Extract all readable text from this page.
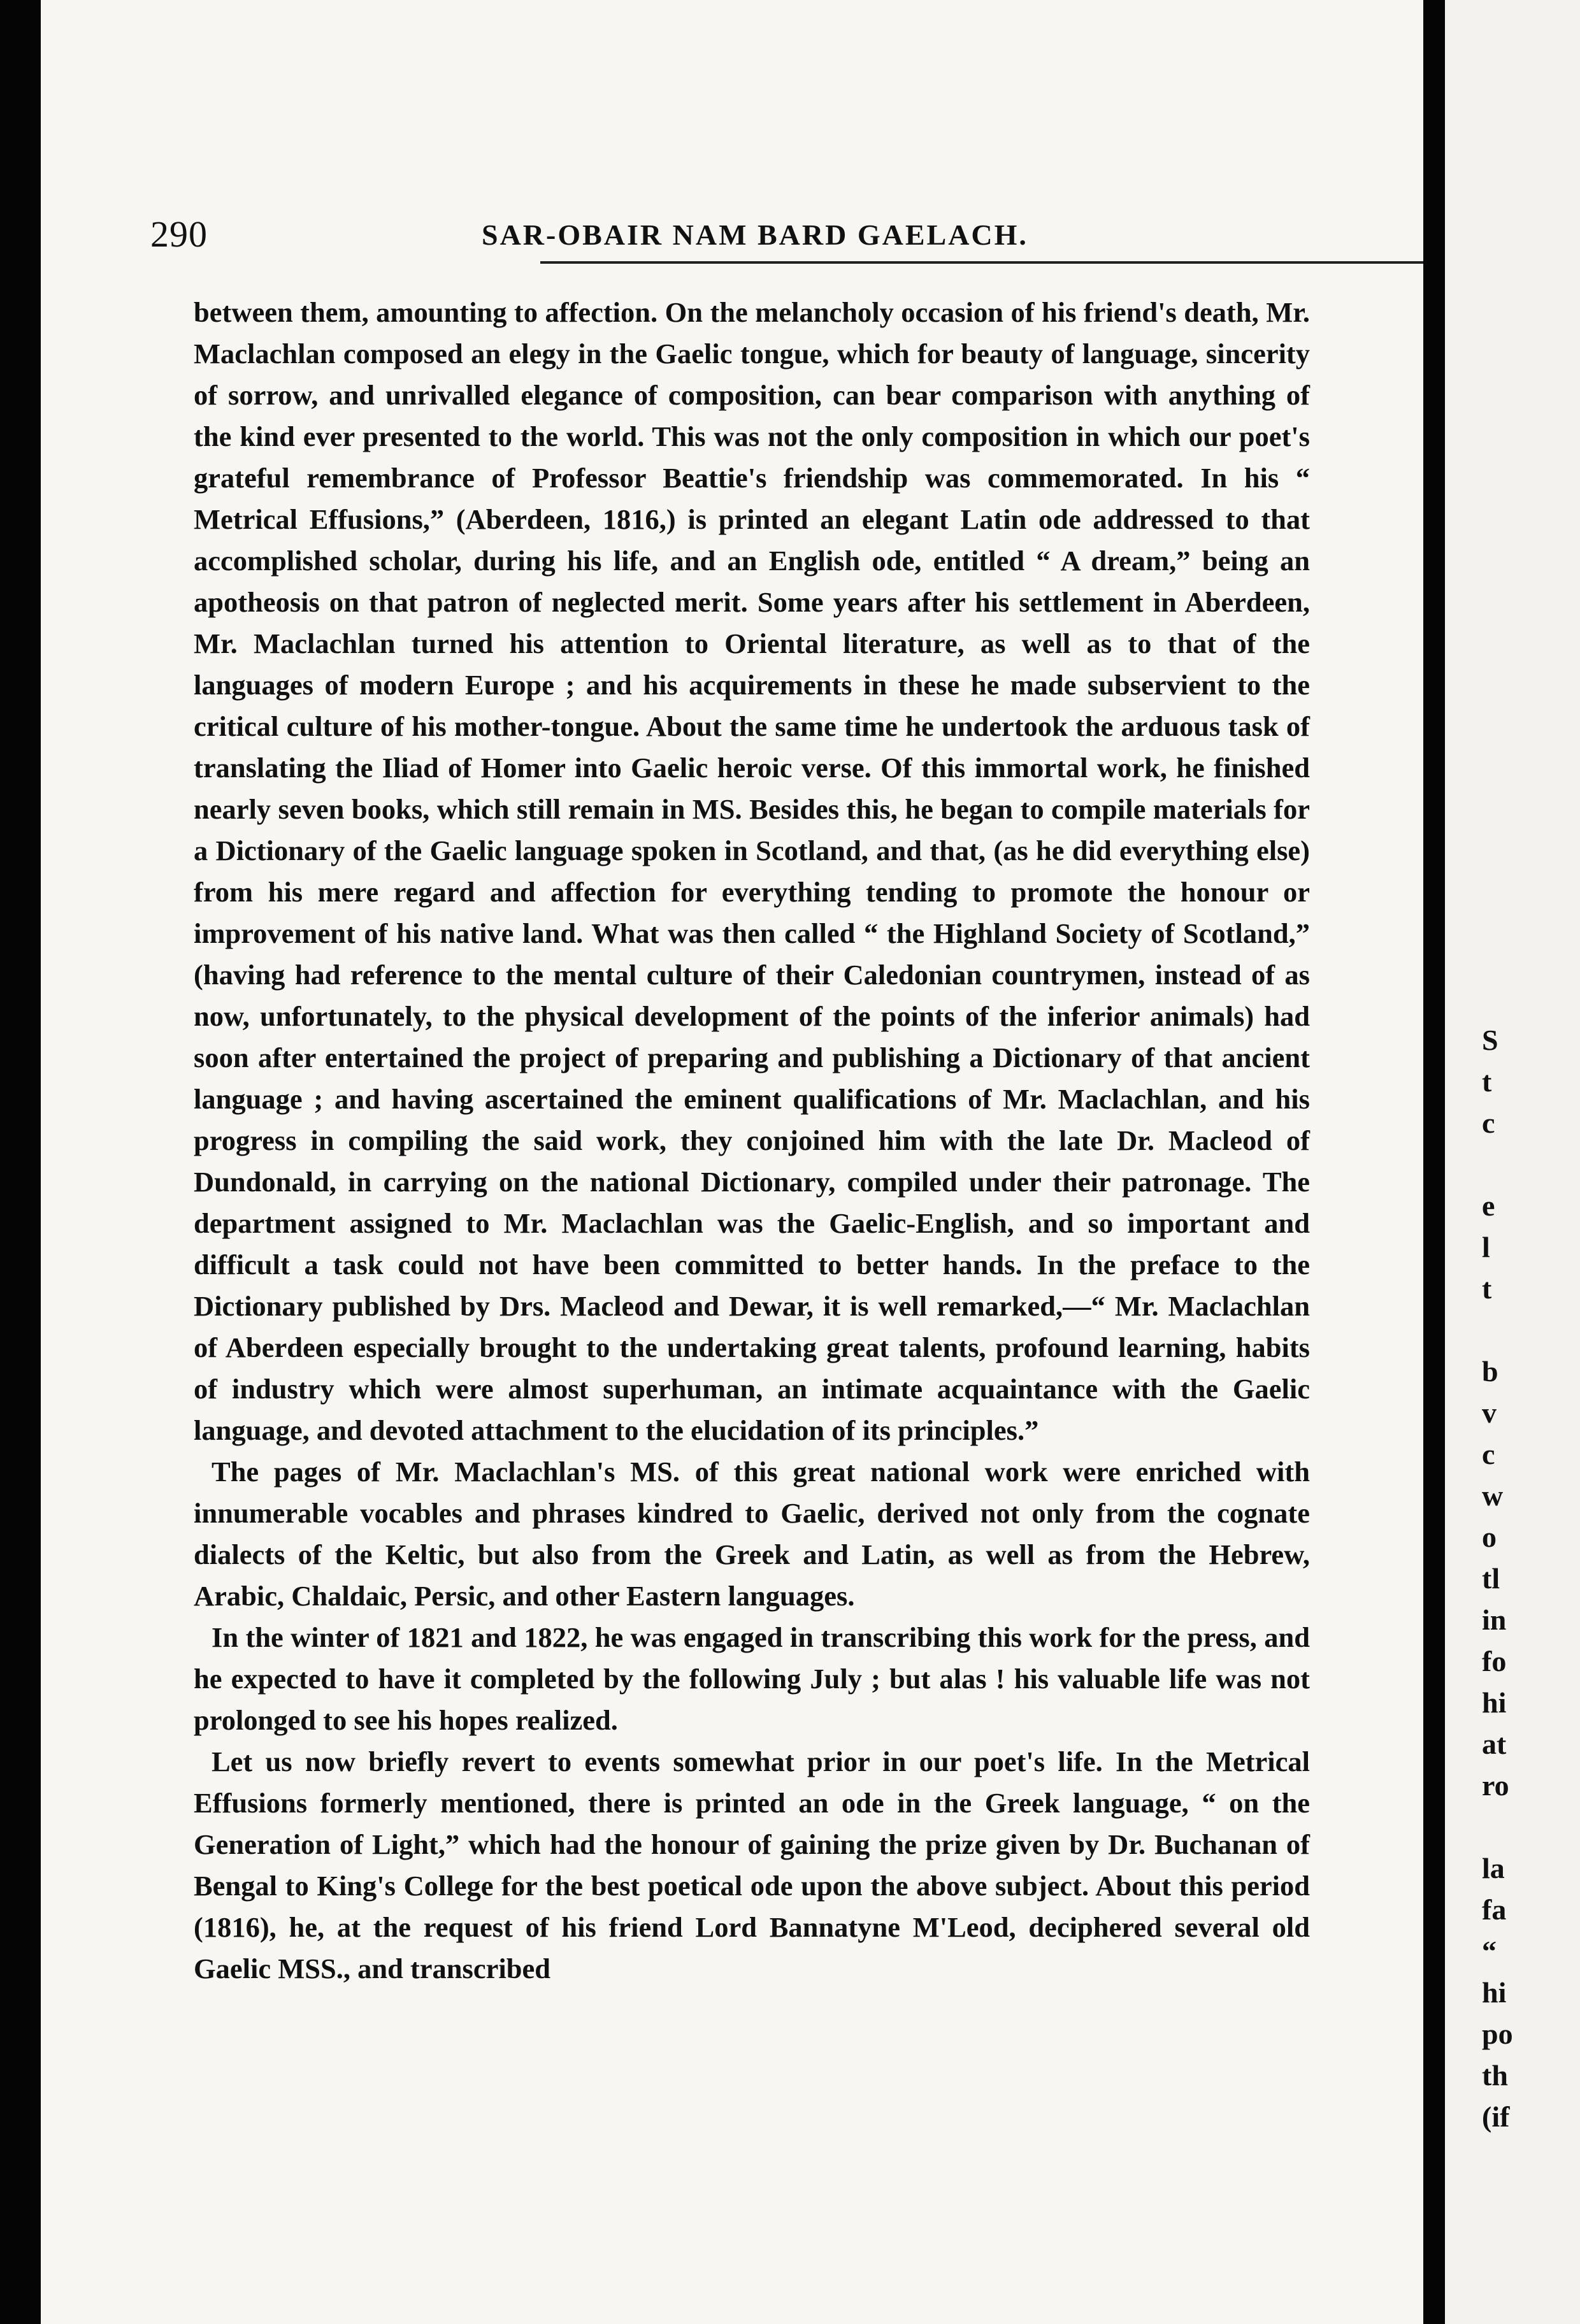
290	SAR-OBAIR NAM BARD GAELACH.

between them, amounting to affection. On the melancholy occasion of his friend's death, Mr. Maclachlan composed an elegy in the Gaelic tongue, which for beauty of language, sincerity of sorrow, and unrivalled elegance of composition, can bear comparison with anything of the kind ever presented to the world. This was not the only composition in which our poet's grateful remembrance of Professor Beattie's friendship was commemorated. In his “ Metrical Effusions,” (Aberdeen, 1816,) is printed an elegant Latin ode addressed to that accomplished scholar, during his life, and an English ode, entitled “ A dream,” being an apotheosis on that patron of neglected merit. Some years after his settlement in Aberdeen, Mr. Maclachlan turned his attention to Oriental literature, as well as to that of the languages of modern Europe ; and his acquirements in these he made subservient to the critical culture of his mother-tongue. About the same time he undertook the arduous task of translating the Iliad of Homer into Gaelic heroic verse. Of this immortal work, he finished nearly seven books, which still remain in MS. Besides this, he began to compile materials for a Dictionary of the Gaelic language spoken in Scotland, and that, (as he did everything else) from his mere regard and affection for everything tending to promote the honour or improvement of his native land. What was then called “ the Highland Society of Scotland,” (having had reference to the mental culture of their Caledonian countrymen, instead of as now, unfortunately, to the physical development of the points of the inferior animals) had soon after entertained the project of preparing and publishing a Dictionary of that ancient language ; and having ascertained the eminent qualifications of Mr. Maclachlan, and his progress in compiling the said work, they conjoined him with the late Dr. Macleod of Dundonald, in carrying on the national Dictionary, compiled under their patronage. The department assigned to Mr. Maclachlan was the Gaelic-English, and so important and difficult a task could not have been committed to better hands. In the preface to the Dictionary published by Drs. Macleod and Dewar, it is well remarked,—“ Mr. Maclachlan of Aberdeen especially brought to the undertaking great talents, profound learning, habits of industry which were almost superhuman, an intimate acquaintance with the Gaelic language, and devoted attachment to the elucidation of its principles.”

The pages of Mr. Maclachlan's MS. of this great national work were enriched with innumerable vocables and phrases kindred to Gaelic, derived not only from the cognate dialects of the Keltic, but also from the Greek and Latin, as well as from the Hebrew, Arabic, Chaldaic, Persic, and other Eastern languages.

In the winter of 1821 and 1822, he was engaged in transcribing this work for the press, and he expected to have it completed by the following July ; but alas ! his valuable life was not prolonged to see his hopes realized.

Let us now briefly revert to events somewhat prior in our poet's life. In the Metrical Effusions formerly mentioned, there is printed an ode in the Greek language, “ on the Generation of Light,” which had the honour of gaining the prize given by Dr. Buchanan of Bengal to King's College for the best poetical ode upon the above subject. About this period (1816), he, at the request of his friend Lord Bannatyne M'Leod, deciphered several old Gaelic MSS., and transcribed

S
t
c
e
l
t
b
v
c
w
o
tl
in
fo
hi
at
ro
la
fa
“
hi
po
th
(if
